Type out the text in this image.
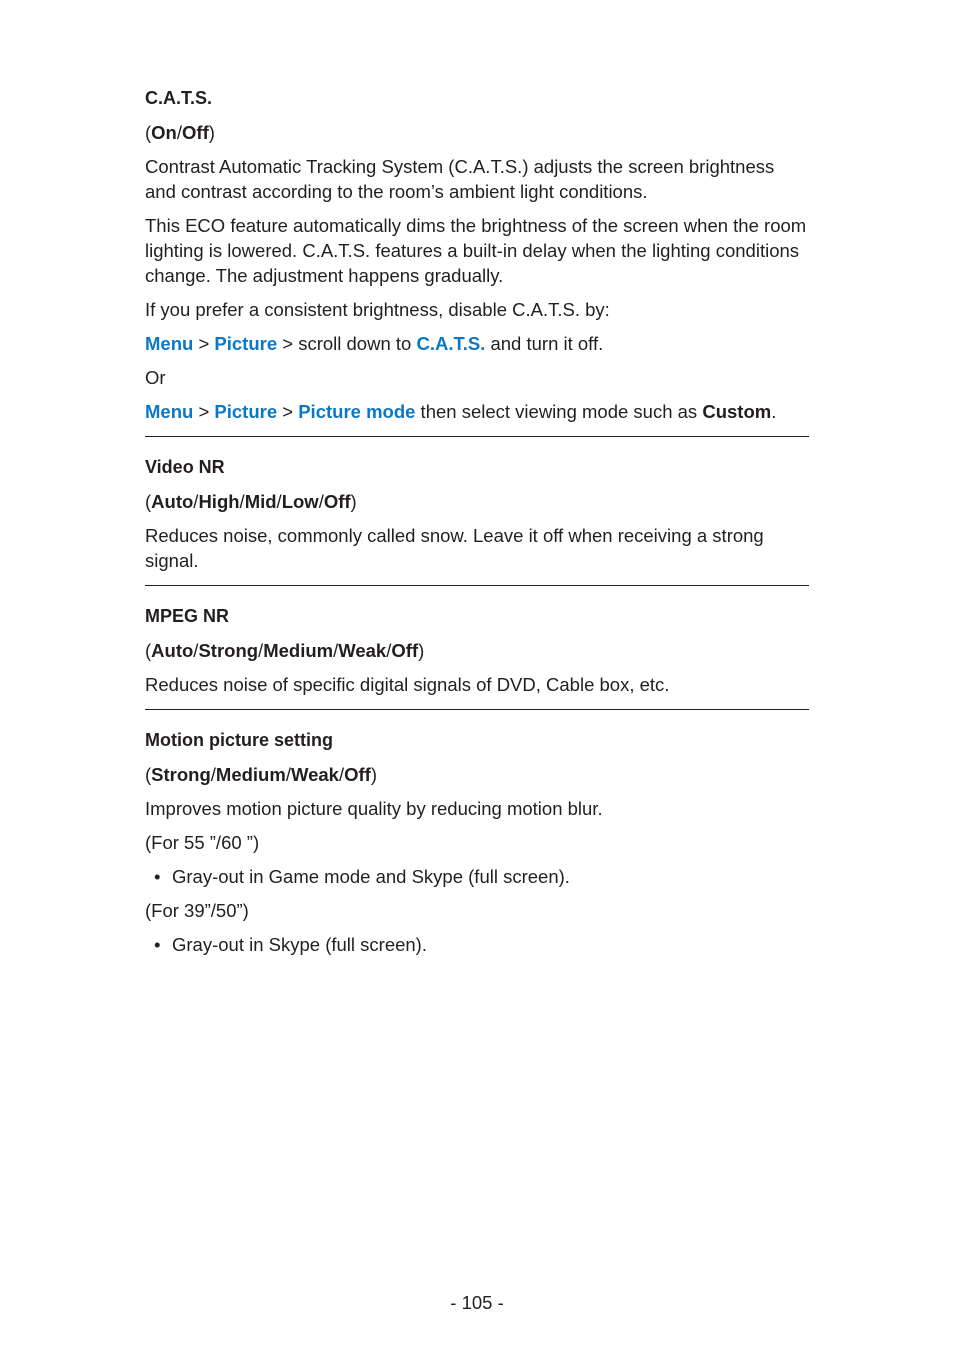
C.A.T.S.

(On/Off)

Contrast Automatic Tracking System (C.A.T.S.) adjusts the screen brightness and contrast according to the room’s ambient light conditions.

This ECO feature automatically dims the brightness of the screen when the room lighting is lowered. C.A.T.S. features a built-in delay when the lighting conditions change. The adjustment happens gradually.

If you prefer a consistent brightness, disable C.A.T.S. by:

Menu > Picture > scroll down to C.A.T.S. and turn it off.

Or

Menu > Picture > Picture mode then select viewing mode such as Custom.

Video NR

(Auto/High/Mid/Low/Off)

Reduces noise, commonly called snow. Leave it off when receiving a strong signal.

MPEG NR

(Auto/Strong/Medium/Weak/Off)

Reduces noise of specific digital signals of DVD, Cable box, etc.

Motion picture setting

(Strong/Medium/Weak/Off)

Improves motion picture quality by reducing motion blur.

(For 55 ”/60 ”)

• Gray-out in Game mode and Skype (full screen).

(For 39”/50”)

• Gray-out in Skype (full screen).
- 105 -
